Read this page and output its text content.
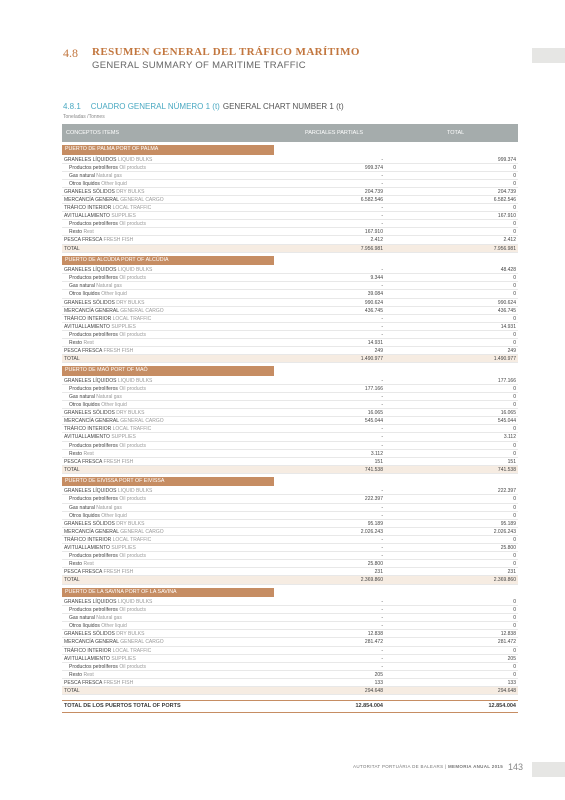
4.8 RESUMEN GENERAL DEL TRÁFICO MARÍTIMO
GENERAL SUMMARY OF MARITIME TRAFFIC
4.8.1 CUADRO GENERAL NÚMERO 1 (t) GENERAL CHART NUMBER 1 (t)
Toneladas /Tonnes
CONCEPTOS ITEMS	PARCIALES PARTIALS	TOTAL
PUERTO DE PALMA PORT OF PALMA
GRANELES LÍQUIDOS LIQUID BULKS	-	999.374
Productos petrolíferos Oil products	999.374	0
Gas natural Natural gas	-	0
Otros líquidos Other liquid	-	0
GRANELES SÓLIDOS DRY BULKS	204.739	204.739
MERCANCÍA GENERAL GENERAL CARGO	6.582.546	6.582.546
TRÁFICO INTERIOR LOCAL TRAFFIC	-	0
AVITUALLAMIENTO SUPPLIES	-	167.910
Productos petrolíferos Oil products	-	0
Resto Rest	167.910	0
PESCA FRESCA FRESH FISH	2.412	2.412
TOTAL	7.956.981	7.956.981
PUERTO DE ALCÚDIA PORT OF ALCÚDIA
GRANELES LÍQUIDOS LIQUID BULKS	-	48.428
Productos petrolíferos Oil products	9.344	0
Gas natural Natural gas	-	0
Otros líquidos Other liquid	39.084	0
GRANELES SÓLIDOS DRY BULKS	990.624	990.624
MERCANCÍA GENERAL GENERAL CARGO	436.745	436.745
TRÁFICO INTERIOR LOCAL TRAFFIC	-	0
AVITUALLAMIENTO SUPPLIES	-	14.931
Productos petrolíferos Oil products	-	0
Resto Rest	14.931	0
PESCA FRESCA FRESH FISH	249	249
TOTAL	1.490.977	1.490.977
PUERTO DE MAÓ PORT OF MAÓ
GRANELES LÍQUIDOS LIQUID BULKS	-	177.166
Productos petrolíferos Oil products	177.166	0
Gas natural Natural gas	-	0
Otros líquidos Other liquid	-	0
GRANELES SÓLIDOS DRY BULKS	16.065	16.065
MERCANCÍA GENERAL GENERAL CARGO	545.044	545.044
TRÁFICO INTERIOR LOCAL TRAFFIC	-	0
AVITUALLAMIENTO SUPPLIES	-	3.112
Productos petrolíferos Oil products	-	0
Resto Rest	3.112	0
PESCA FRESCA FRESH FISH	151	151
TOTAL	741.538	741.538
PUERTO DE EIVISSA PORT OF EIVISSA
GRANELES LÍQUIDOS LIQUID BULKS	-	222.397
Productos petrolíferos Oil products	222.397	0
Gas natural Natural gas	-	0
Otros líquidos Other liquid	-	0
GRANELES SÓLIDOS DRY BULKS	95.189	95.189
MERCANCÍA GENERAL GENERAL CARGO	2.026.243	2.026.243
TRÁFICO INTERIOR LOCAL TRAFFIC	-	0
AVITUALLAMIENTO SUPPLIES	-	25.800
Productos petrolíferos Oil products	-	0
Resto Rest	25.800	0
PESCA FRESCA FRESH FISH	231	231
TOTAL	2.369.860	2.369.860
PUERTO DE LA SAVINA PORT OF LA SAVINA
GRANELES LÍQUIDOS LIQUID BULKS	-	0
Productos petrolíferos Oil products	-	0
Gas natural Natural gas	-	0
Otros líquidos Other liquid	-	0
GRANELES SÓLIDOS DRY BULKS	12.838	12.838
MERCANCÍA GENERAL GENERAL CARGO	281.472	281.472
TRÁFICO INTERIOR LOCAL TRAFFIC	-	0
AVITUALLAMIENTO SUPPLIES	-	205
Productos petrolíferos Oil products	-	0
Resto Rest	205	0
PESCA FRESCA FRESH FISH	133	133
TOTAL	294.648	294.648
TOTAL DE LOS PUERTOS TOTAL OF PORTS	12.854.004	12.854.004
AUTORITAT PORTUÀRIA DE BALEARS | MEMORIA ANUAL 2015 143
